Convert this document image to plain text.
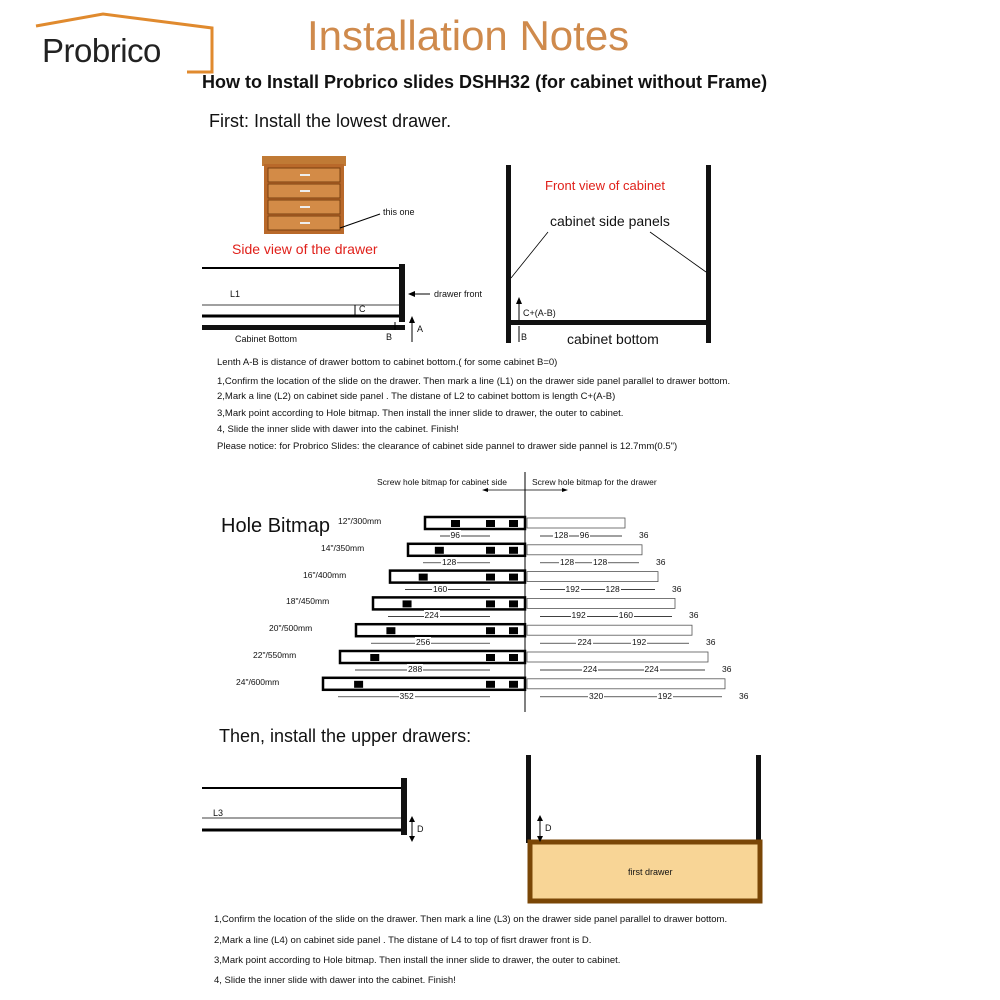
Probrico	Installation Notes
How to Install Probrico slides DSHH32 (for cabinet without Frame)
First: Install the lowest drawer.
this one
Side view of the drawer
L1
C
Cabinet Bottom	B
A
drawer front
Front view of cabinet
cabinet side panels
C+(A-B)
B	cabinet bottom
Lenth A-B is distance of drawer bottom to cabinet bottom.( for some cabinet B=0)
1,Confirm the location of the slide on the drawer. Then mark a line (L1) on the drawer side panel parallel to drawer bottom.
2,Mark a line (L2) on cabinet side panel . The distane of L2 to cabinet bottom is length C+(A-B)
3,Mark point according to Hole bitmap. Then install the inner slide to drawer, the outer to cabinet.
4, Slide the inner slide with dawer into the cabinet. Finish!
Please notice: for Probrico Slides: the clearance of cabinet side pannel to drawer side pannel is 12.7mm(0.5")
Screw hole bitmap for cabinet side	Screw hole bitmap for the drawer
Hole Bitmap 12"/300mm
96	128 96	36
14"/350mm
128	128 128	36
16"/400mm
160	192	128	36
18"/450mm
224	192	160	36
20"/500mm
256	224	192	36
22"/550mm
288	224	224	36
24"/600mm
352	320	192	36
Then, install the upper drawers:
L3
D	D
first drawer
1,Confirm the location of the slide on the drawer. Then mark a line (L3) on the drawer side panel parallel to drawer bottom.
2,Mark a line (L4) on cabinet side panel . The distane of L4 to top of fisrt drawer front is D.
3,Mark point according to Hole bitmap. Then install the inner slide to drawer, the outer to cabinet.
4, Slide the inner slide with dawer into the cabinet. Finish!
